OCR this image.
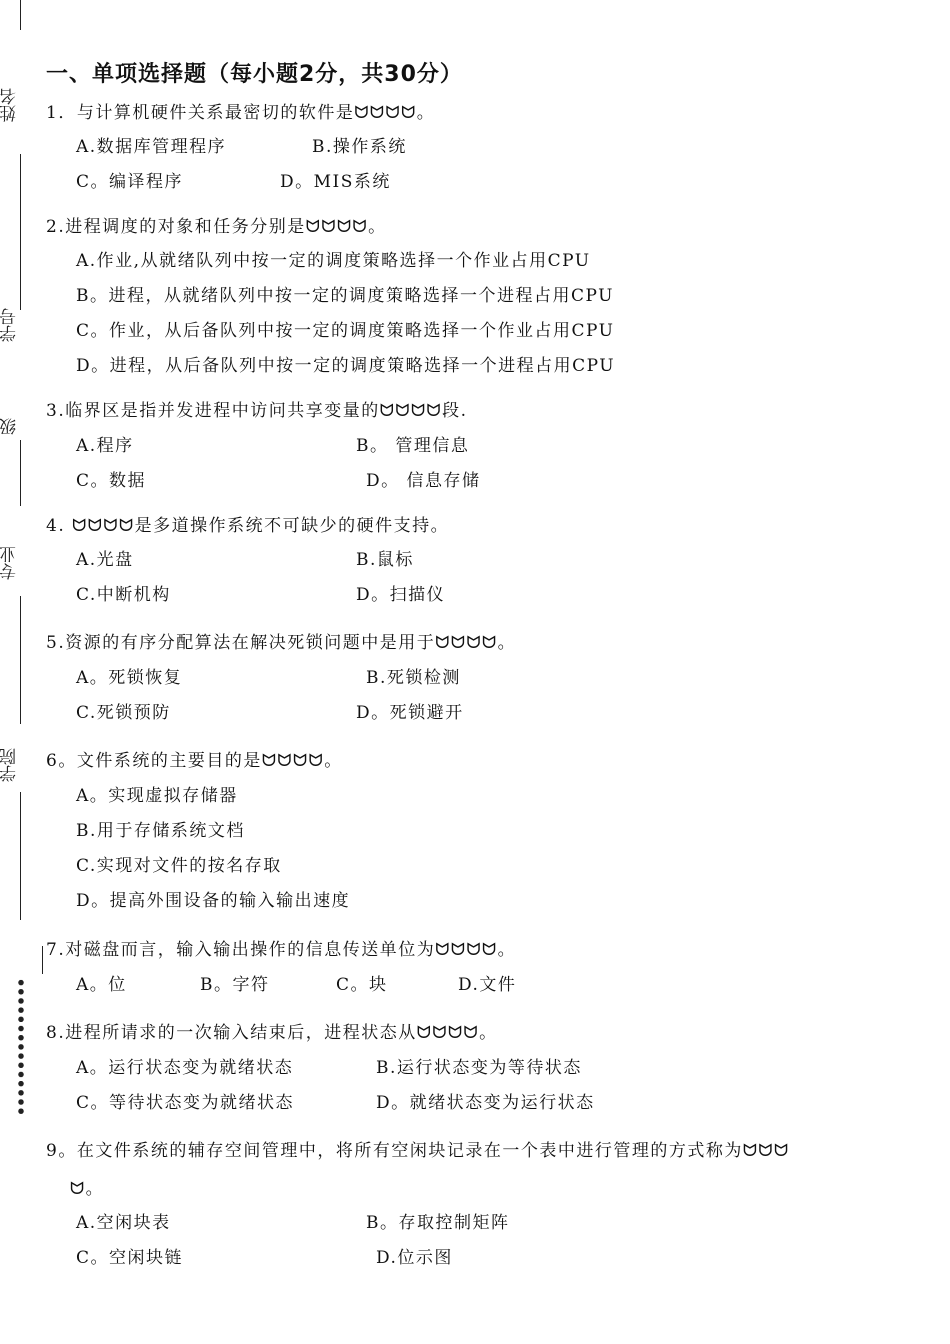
姓名
学号
级
专业
学院
一、单项选择题（每小题2分，共30分）
1．与计算机硬件关系最密切的软件是ᗢᗢᗢᗢ。
A.数据库管理程序	B.操作系统
C。编译程序	D。MIS系统
2.进程调度的对象和任务分别是ᗢᗢᗢᗢ。
A.作业,从就绪队列中按一定的调度策略选择一个作业占用CPU
B。进程，从就绪队列中按一定的调度策略选择一个进程占用CPU
C。作业，从后备队列中按一定的调度策略选择一个作业占用CPU
D。进程，从后备队列中按一定的调度策略选择一个进程占用CPU
3.临界区是指并发进程中访问共享变量的ᗢᗢᗢᗢ段.
A.程序	B。 管理信息
C。数据	D。 信息存储
4. ᗢᗢᗢᗢ是多道操作系统不可缺少的硬件支持。
A.光盘	B.鼠标
C.中断机构	D。扫描仪
5.资源的有序分配算法在解决死锁问题中是用于ᗢᗢᗢᗢ。
A。死锁恢复	B.死锁检测
C.死锁预防	D。死锁避开
6。文件系统的主要目的是ᗢᗢᗢᗢ。
A。实现虚拟存储器
B.用于存储系统文档
C.实现对文件的按名存取
D。提高外围设备的输入输出速度
7.对磁盘而言，输入输出操作的信息传送单位为ᗢᗢᗢᗢ。
A。位	B。字符	C。块	D.文件
8.进程所请求的一次输入结束后，进程状态从ᗢᗢᗢᗢ。
A。运行状态变为就绪状态	B.运行状态变为等待状态
C。等待状态变为就绪状态	D。就绪状态变为运行状态
9。在文件系统的辅存空间管理中，将所有空闲块记录在一个表中进行管理的方式称为ᗢᗢᗢ
ᗢ。
A.空闲块表	B。存取控制矩阵
C。空闲块链	D.位示图
